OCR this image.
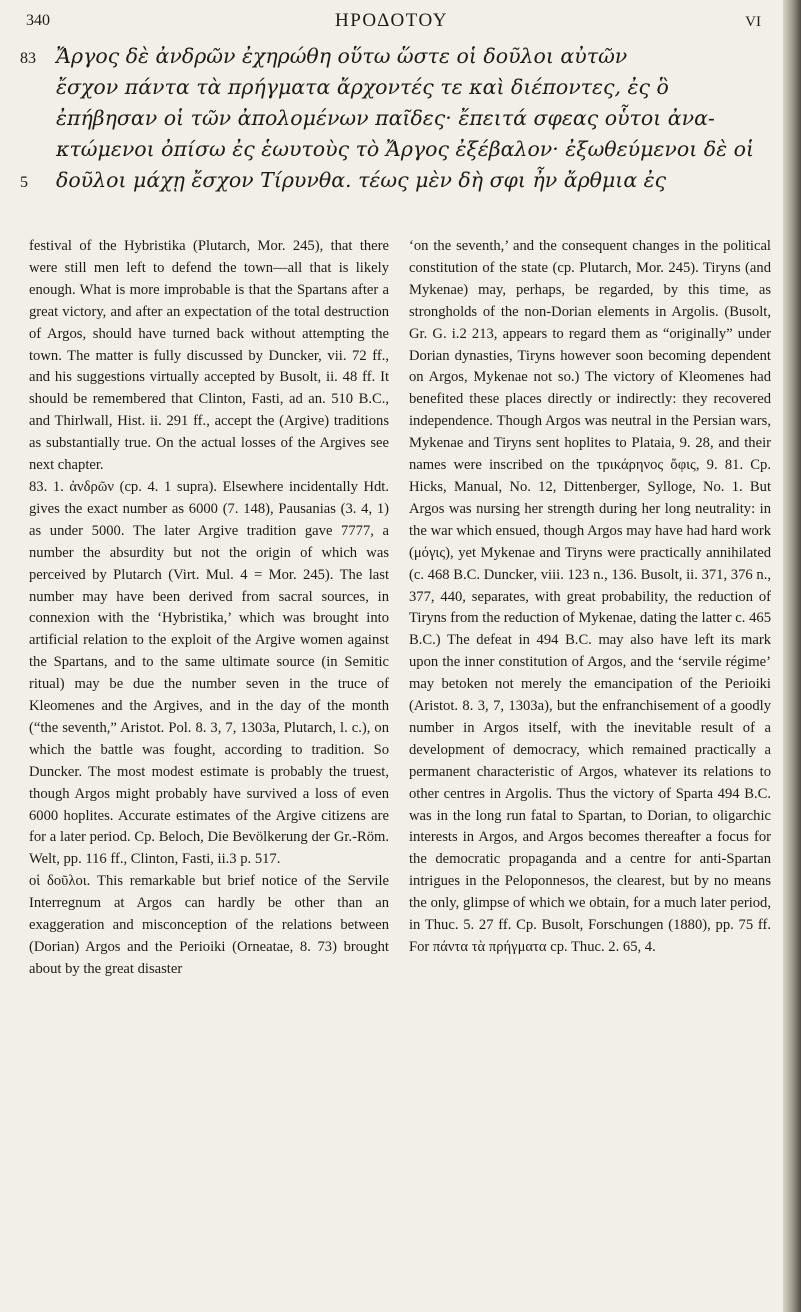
340	ΗΡΟΔΟΤΟΥ	VI
83 Ἄργος δὲ ἀνδρῶν ἐχηρώθη οὕτω ὥστε οἱ δοῦλοι αὐτῶν
ἔσχον πάντα τὰ πρήγματα ἄρχοντές τε καὶ διέποντες, ἐς ὃ
ἐπήβησαν οἱ τῶν ἀπολομένων παῖδες· ἔπειτά σφεας οὗτοι ἀνα-
κτώμενοι ὀπίσω ἐς ἑωυτοὺς τὸ Ἄργος ἐξέβαλον· ἐξωθεύμενοι δὲ οἱ
5	δοῦλοι μάχῃ ἔσχον Τίρυνθα. τέως μὲν δὴ σφι ἦν ἄρθμια ἐς

festival of the Hybristika (Plutarch, Mor. 245), that there were still men left to defend the town—all that is likely enough. What is more improbable is that the Spartans after a great victory, and after an expectation of the total destruction of Argos, should have turned back without attempting the town. The matter is fully discussed by Duncker, vii. 72 ff., and his suggestions virtually accepted by Busolt, ii. 48 ff. It should be remembered that Clinton, Fasti, ad an. 510 B.C., and Thirlwall, Hist. ii. 291 ff., accept the (Argive) traditions as substantially true. On the actual losses of the Argives see next chapter.

83. 1. ἀνδρῶν (cp. 4. 1 supra). Elsewhere incidentally Hdt. gives the exact number as 6000 (7. 148), Pausanias (3. 4, 1) as under 5000. The later Argive tradition gave 7777, a number the absurdity but not the origin of which was perceived by Plutarch (Virt. Mul. 4 = Mor. 245). The last number may have been derived from sacral sources, in connexion with the ‘Hybristika,’ which was brought into artificial relation to the exploit of the Argive women against the Spartans, and to the same ultimate source (in Semitic ritual) may be due the number seven in the truce of Kleomenes and the Argives, and in the day of the month (“the seventh,” Aristot. Pol. 8. 3, 7, 1303a, Plutarch, l. c.), on which the battle was fought, according to tradition. So Duncker. The most modest estimate is probably the truest, though Argos might probably have survived a loss of even 6000 hoplites. Accurate estimates of the Argive citizens are for a later period. Cp. Beloch, Die Bevölkerung der Gr.-Röm. Welt, pp. 116 ff., Clinton, Fasti, ii.3 p. 517.

οἱ δοῦλοι. This remarkable but brief notice of the Servile Interregnum at Argos can hardly be other than an exaggeration and misconception of the relations between (Dorian) Argos and the Perioiki (Orneatae, 8. 73) brought about by the great disaster

‘on the seventh,’ and the consequent changes in the political constitution of the state (cp. Plutarch, Mor. 245). Tiryns (and Mykenae) may, perhaps, be regarded, by this time, as strongholds of the non-Dorian elements in Argolis. (Busolt, Gr. G. i.2 213, appears to regard them as “originally” under Dorian dynasties, Tiryns however soon becoming dependent on Argos, Mykenae not so.) The victory of Kleomenes had benefited these places directly or indirectly: they recovered independence. Though Argos was neutral in the Persian wars, Mykenae and Tiryns sent hoplites to Plataia, 9. 28, and their names were inscribed on the τρικάρηνος ὄφις, 9. 81. Cp. Hicks, Manual, No. 12, Dittenberger, Sylloge, No. 1. But Argos was nursing her strength during her long neutrality: in the war which ensued, though Argos may have had hard work (μόγις), yet Mykenae and Tiryns were practically annihilated (c. 468 B.C. Duncker, viii. 123 n., 136. Busolt, ii. 371, 376 n., 377, 440, separates, with great probability, the reduction of Tiryns from the reduction of Mykenae, dating the latter c. 465 B.C.) The defeat in 494 B.C. may also have left its mark upon the inner constitution of Argos, and the ‘servile régime’ may betoken not merely the emancipation of the Perioiki (Aristot. 8. 3, 7, 1303a), but the enfranchisement of a goodly number in Argos itself, with the inevitable result of a development of democracy, which remained practically a permanent characteristic of Argos, whatever its relations to other centres in Argolis. Thus the victory of Sparta 494 B.C. was in the long run fatal to Spartan, to Dorian, to oligarchic interests in Argos, and Argos becomes thereafter a focus for the democratic propaganda and a centre for anti-Spartan intrigues in the Peloponnesos, the clearest, but by no means the only, glimpse of which we obtain, for a much later period, in Thuc. 5. 27 ff. Cp. Busolt, Forschungen (1880), pp. 75 ff. For πάντα τὰ πρήγματα cp. Thuc. 2. 65, 4.
